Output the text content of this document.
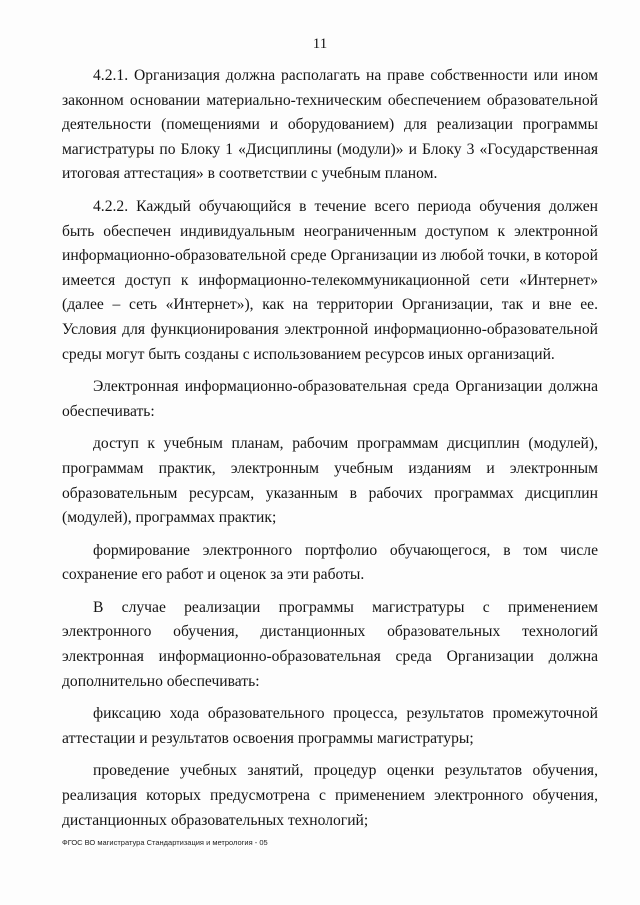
11

4.2.1. Организация должна располагать на праве собственности или ином законном основании материально-техническим обеспечением образовательной деятельности (помещениями и оборудованием) для реализации программы магистратуры по Блоку 1 «Дисциплины (модули)» и Блоку 3 «Государственная итоговая аттестация» в соответствии с учебным планом.

4.2.2. Каждый обучающийся в течение всего периода обучения должен быть обеспечен индивидуальным неограниченным доступом к электронной информационно-образовательной среде Организации из любой точки, в которой имеется доступ к информационно-телекоммуникационной сети «Интернет» (далее – сеть «Интернет»), как на территории Организации, так и вне ее. Условия для функционирования электронной информационно-образовательной среды могут быть созданы с использованием ресурсов иных организаций.

Электронная информационно-образовательная среда Организации должна обеспечивать:

доступ к учебным планам, рабочим программам дисциплин (модулей), программам практик, электронным учебным изданиям и электронным образовательным ресурсам, указанным в рабочих программах дисциплин (модулей), программах практик;

формирование электронного портфолио обучающегося, в том числе сохранение его работ и оценок за эти работы.

В случае реализации программы магистратуры с применением электронного обучения, дистанционных образовательных технологий электронная информационно-образовательная среда Организации должна дополнительно обеспечивать:

фиксацию хода образовательного процесса, результатов промежуточной аттестации и результатов освоения программы магистратуры;

проведение учебных занятий, процедур оценки результатов обучения, реализация которых предусмотрена с применением электронного обучения, дистанционных образовательных технологий;

ФГОС ВО магистратура Стандартизация и метрология - 05
